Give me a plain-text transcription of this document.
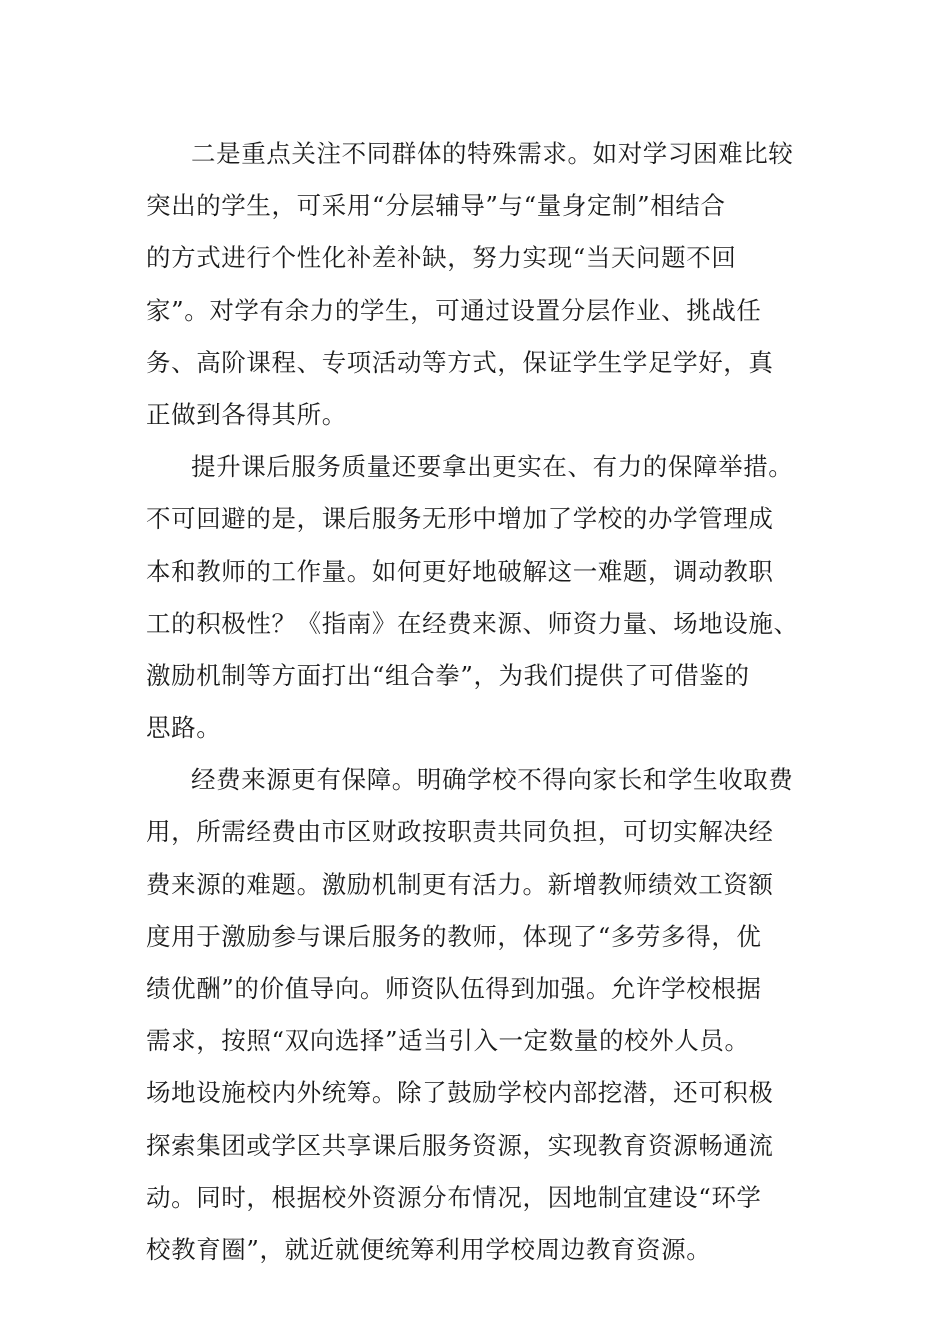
二是重点关注不同群体的特殊需求。如对学习困难比较
突出的学生，可采用“分层辅导”与“量身定制”相结合
的方式进行个性化补差补缺，努力实现“当天问题不回
家”。对学有余力的学生，可通过设置分层作业、挑战任
务、高阶课程、专项活动等方式，保证学生学足学好，真
正做到各得其所。
提升课后服务质量还要拿出更实在、有力的保障举措。
不可回避的是，课后服务无形中增加了学校的办学管理成
本和教师的工作量。如何更好地破解这一难题，调动教职
工的积极性？《指南》在经费来源、师资力量、场地设施、
激励机制等方面打出“组合拳”，为我们提供了可借鉴的
思路。
经费来源更有保障。明确学校不得向家长和学生收取费
用，所需经费由市区财政按职责共同负担，可切实解决经
费来源的难题。激励机制更有活力。新增教师绩效工资额
度用于激励参与课后服务的教师，体现了“多劳多得，优
绩优酬”的价值导向。师资队伍得到加强。允许学校根据
需求，按照“双向选择”适当引入一定数量的校外人员。
场地设施校内外统筹。除了鼓励学校内部挖潜，还可积极
探索集团或学区共享课后服务资源，实现教育资源畅通流
动。同时，根据校外资源分布情况，因地制宜建设“环学
校教育圈”，就近就便统筹利用学校周边教育资源。
